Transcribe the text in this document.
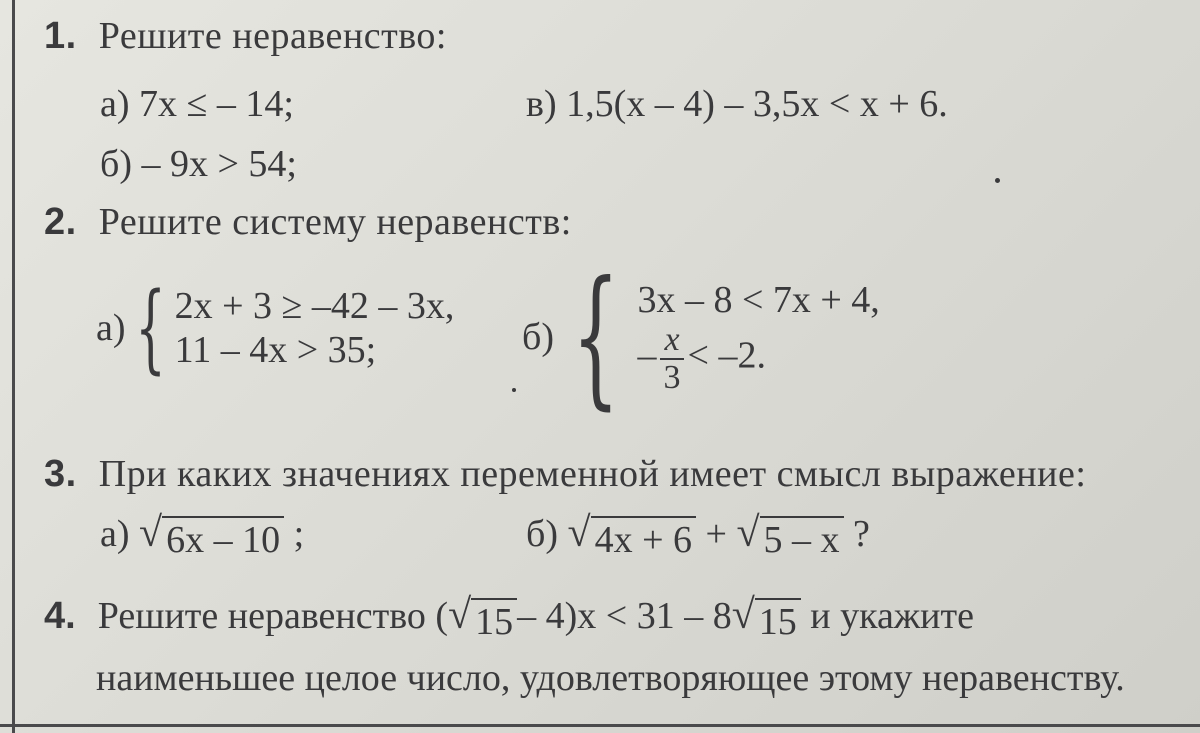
1. Решите неравенство:
а) 7x ≤ – 14;
б) – 9x > 54;
в) 1,5(x – 4) – 3,5x < x + 6.
2. Решите систему неравенств:
а) { 2x + 3 ≥ –42 – 3x,
11 – 4x > 35;	б) { 3x – 8 < 7x + 4,
– $\frac{x}{3} < -2$.
3. При каких значениях переменной имеет смысл выражение:
а) √ 6x – 10 ;	б) √ 4x + 6 + √ 5 – x ?
4. Решите неравенство ( √ 15 – 4)x < 31 – 8 √ 15 и укажите
наименьшее целое число, удовлетворяющее этому неравенству.
